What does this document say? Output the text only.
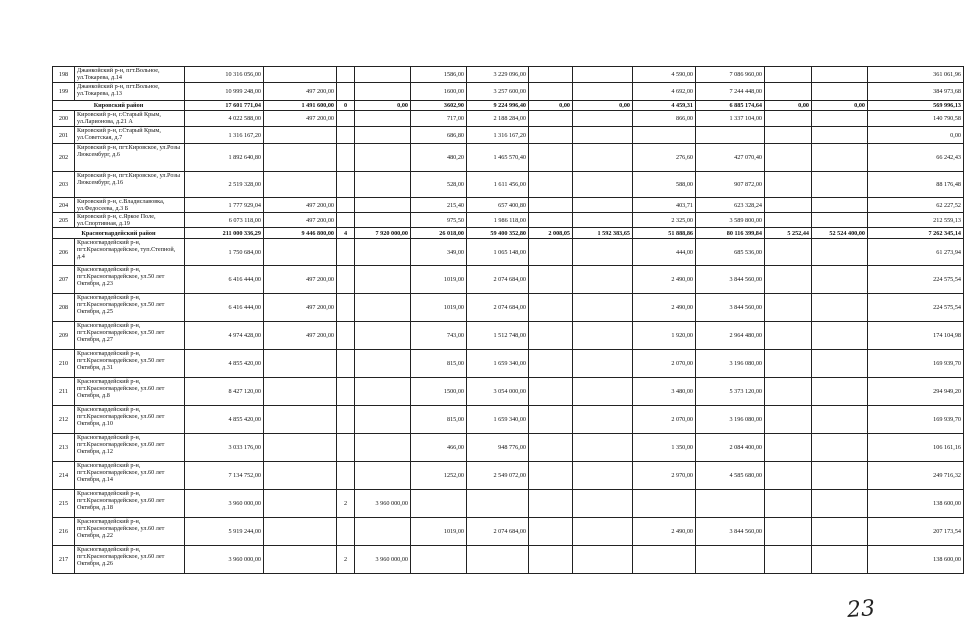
198	Джанкойский р-н, пгт.Вольное, ул.Токарева, д.14	10 316 056,00				1586,00	3 229 096,00			4 590,00	7 086 960,00			361 061,96
199	Джанкойский р-н, пгт.Вольное, ул.Токарева, д.13	10 999 248,00	497 200,00			1600,00	3 257 600,00			4 692,00	7 244 448,00			384 973,68
Кировский район		17 601 771,04	1 491 600,00	0	0,00	3602,90	9 224 996,40	0,00	0,00	4 459,31	6 885 174,64	0,00	0,00	569 996,13
200	Кировский р-н, г.Старый Крым, ул.Ларионова, д.21 А	4 022 588,00	497 200,00			717,00	2 188 284,00			866,00	1 337 104,00			140 790,58
201	Кировский р-н, г.Старый Крым, ул.Советская, д.7	1 316 167,20				686,80	1 316 167,20							0,00
202	Кировский р-н, пгт.Кировское, ул.Розы Люксембург, д.6	1 892 640,80				480,20	1 465 570,40			276,60	427 070,40			66 242,43
203	Кировский р-н, пгт.Кировское, ул.Розы Люксембург, д.16	2 519 328,00				528,00	1 611 456,00			588,00	907 872,00			88 176,48
204	Кировский р-н, с.Владиславовка, ул.Федосеева, д.3 Б	1 777 929,04	497 200,00			215,40	657 400,80			403,71	623 328,24			62 227,52
205	Кировский р-н, с.Яркое Поле, ул.Спортивная, д.19	6 073 118,00	497 200,00			975,50	1 986 118,00			2 325,00	3 589 800,00			212 559,13
Красногвардейский район		211 000 336,29	9 446 800,00	4	7 920 000,00	26 018,00	59 400 352,80	2 008,05	1 592 383,65	51 888,86	80 116 399,84	5 252,44	52 524 400,00	7 262 345,14
206	Красногвардейский р-н, пгт.Красногвардейское, туп.Степной, д.4	1 750 684,00				349,00	1 065 148,00			444,00	685 536,00			61 273,94
207	Красногвардейский р-н, пгт.Красногвардейское, ул.50 лет Октября, д.23	6 416 444,00	497 200,00			1019,00	2 074 684,00			2 490,00	3 844 560,00			224 575,54
208	Красногвардейский р-н, пгт.Красногвардейское, ул.50 лет Октября, д.25	6 416 444,00	497 200,00			1019,00	2 074 684,00			2 490,00	3 844 560,00			224 575,54
209	Красногвардейский р-н, пгт.Красногвардейское, ул.50 лет Октября, д.27	4 974 428,00	497 200,00			743,00	1 512 748,00			1 920,00	2 964 480,00			174 104,98
210	Красногвардейский р-н, пгт.Красногвардейское, ул.50 лет Октября, д.31	4 855 420,00				815,00	1 659 340,00			2 070,00	3 196 080,00			169 939,70
211	Красногвардейский р-н, пгт.Красногвардейское, ул.60 лет Октября, д.8	8 427 120,00				1500,00	3 054 000,00			3 480,00	5 373 120,00			294 949,20
212	Красногвардейский р-н, пгт.Красногвардейское, ул.60 лет Октября, д.10	4 855 420,00				815,00	1 659 340,00			2 070,00	3 196 080,00			169 939,70
213	Красногвардейский р-н, пгт.Красногвардейское, ул.60 лет Октября, д.12	3 033 176,00				466,00	948 776,00			1 350,00	2 084 400,00			106 161,16
214	Красногвардейский р-н, пгт.Красногвардейское, ул.60 лет Октября, д.14	7 134 752,00				1252,00	2 549 072,00			2 970,00	4 585 680,00			249 716,32
215	Красногвардейский р-н, пгт.Красногвардейское, ул.60 лет Октября, д.18	3 960 000,00		2	3 960 000,00									138 600,00
216	Красногвардейский р-н, пгт.Красногвардейское, ул.60 лет Октября, д.22	5 919 244,00				1019,00	2 074 684,00			2 490,00	3 844 560,00			207 173,54
217	Красногвардейский р-н, пгт.Красногвардейское, ул.60 лет Октября, д.26	3 960 000,00		2	3 960 000,00									138 600,00
23
